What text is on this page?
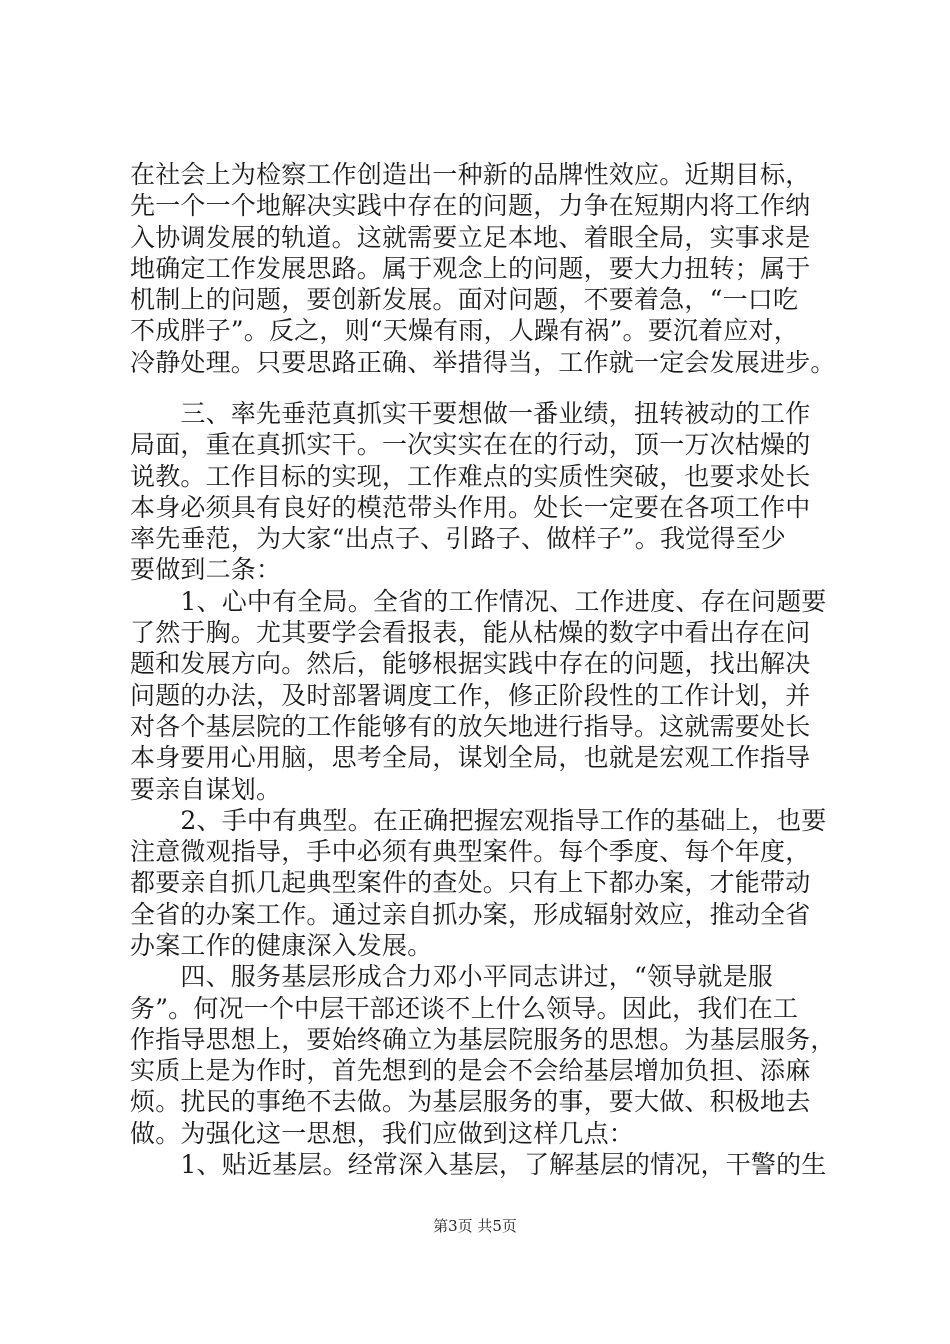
在社会上为检察工作创造出一种新的品牌性效应。近期目标，
先一个一个地解决实践中存在的问题，力争在短期内将工作纳
入协调发展的轨道。这就需要立足本地、着眼全局，实事求是
地确定工作发展思路。属于观念上的问题，要大力扭转；属于
机制上的问题，要创新发展。面对问题，不要着急，“一口吃
不成胖子”。反之，则“天燥有雨，人躁有祸”。要沉着应对，
冷静处理。只要思路正确、举措得当，工作就一定会发展进步。
　　三、率先垂范真抓实干要想做一番业绩，扭转被动的工作
局面，重在真抓实干。一次实实在在的行动，顶一万次枯燥的
说教。工作目标的实现，工作难点的实质性突破，也要求处长
本身必须具有良好的模范带头作用。处长一定要在各项工作中
率先垂范，为大家“出点子、引路子、做样子”。我觉得至少
要做到二条：
　　1、心中有全局。全省的工作情况、工作进度、存在问题要
了然于胸。尤其要学会看报表，能从枯燥的数字中看出存在问
题和发展方向。然后，能够根据实践中存在的问题，找出解决
问题的办法，及时部署调度工作，修正阶段性的工作计划，并
对各个基层院的工作能够有的放矢地进行指导。这就需要处长
本身要用心用脑，思考全局，谋划全局，也就是宏观工作指导
要亲自谋划。
　　2、手中有典型。在正确把握宏观指导工作的基础上，也要
注意微观指导，手中必须有典型案件。每个季度、每个年度，
都要亲自抓几起典型案件的查处。只有上下都办案，才能带动
全省的办案工作。通过亲自抓办案，形成辐射效应，推动全省
办案工作的健康深入发展。
　　四、服务基层形成合力邓小平同志讲过，“领导就是服
务”。何况一个中层干部还谈不上什么领导。因此，我们在工
作指导思想上，要始终确立为基层院服务的思想。为基层服务，
实质上是为作时，首先想到的是会不会给基层增加负担、添麻
烦。扰民的事绝不去做。为基层服务的事，要大做、积极地去
做。为强化这一思想，我们应做到这样几点：
　　1、贴近基层。经常深入基层，了解基层的情况，干警的生
第3页 共5页
